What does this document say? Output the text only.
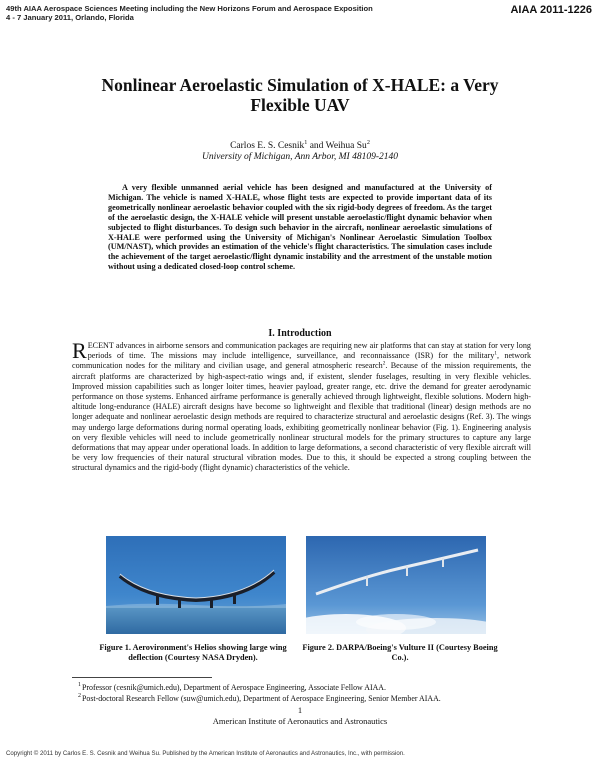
49th AIAA Aerospace Sciences Meeting including the New Horizons Forum and Aerospace Exposition
4 - 7 January 2011, Orlando, Florida
AIAA 2011-1226
Nonlinear Aeroelastic Simulation of X-HALE: a Very
Flexible UAV
Carlos E. S. Cesnik$^1$ and Weihua Su$^2$
University of Michigan, Ann Arbor, MI 48109-2140

A very flexible unmanned aerial vehicle has been designed and manufactured at the University of Michigan. The vehicle is named X-HALE, whose flight tests are expected to provide important data of its geometrically nonlinear aeroelastic behavior coupled with the six rigid-body degrees of freedom. As the target of the aeroelastic design, the X-HALE vehicle will present unstable aeroelastic/flight dynamic behavior when subjected to flight disturbances. To design such behavior in the aircraft, nonlinear aeroelastic simulations of X-HALE were performed using the University of Michigan's Nonlinear Aeroelastic Simulation Toolbox (UM/NAST), which provides an estimation of the vehicle's flight characteristics. The simulation cases include the achievement of the target aeroelastic/flight dynamic instability and the arrestment of the unstable motion without using a dedicated closed-loop control scheme.

I. Introduction

RECENT advances in airborne sensors and communication packages are requiring new air platforms that can stay at station for very long periods of time. The missions may include intelligence, surveillance, and reconnaissance (ISR) for the military$^1$, network communication nodes for the military and civilian usage, and general atmospheric research$^2$. Because of the mission requirements, the aircraft platforms are characterized by high-aspect-ratio wings and, if existent, slender fuselages, resulting in very flexible vehicles. Improved mission capabilities such as longer loiter times, heavier payload, greater range, etc. drive the demand for greater aerodynamic performance on those systems. Enhanced airframe performance is generally achieved through lightweight, flexible solutions. Modern high-altitude long-endurance (HALE) aircraft designs have become so lightweight and flexible that traditional (linear) design methods are no longer adequate and nonlinear aeroelastic design methods are required to characterize structural and aeroelastic designs (Ref. 3). The wings may undergo large deformations during normal operating loads, exhibiting geometrically nonlinear behavior (Fig. 1). Engineering analysis on very flexible vehicles will need to include geometrically nonlinear structural models for the primary structures to capture any large deformations that may appear under operational loads. In addition to large deformations, a second characteristic of very flexible aircraft will be very low frequencies of their natural structural vibration modes. Due to this, it should be expected a strong coupling between the structural dynamics and the rigid-body (flight dynamic) characteristics of the vehicle.

Figure 1. Aerovironment's Helios showing large wing deflection (Courtesy NASA Dryden).
Figure 2. DARPA/Boeing's Vulture II (Courtesy Boeing Co.).
$^1$Professor (cesnik@umich.edu), Department of Aerospace Engineering, Associate Fellow AIAA.
$^2$Post-doctoral Research Fellow (suw@umich.edu), Department of Aerospace Engineering, Senior Member AIAA.
1
American Institute of Aeronautics and Astronautics
Copyright © 2011 by Carlos E. S. Cesnik and Weihua Su. Published by the American Institute of Aeronautics and Astronautics, Inc., with permission.
